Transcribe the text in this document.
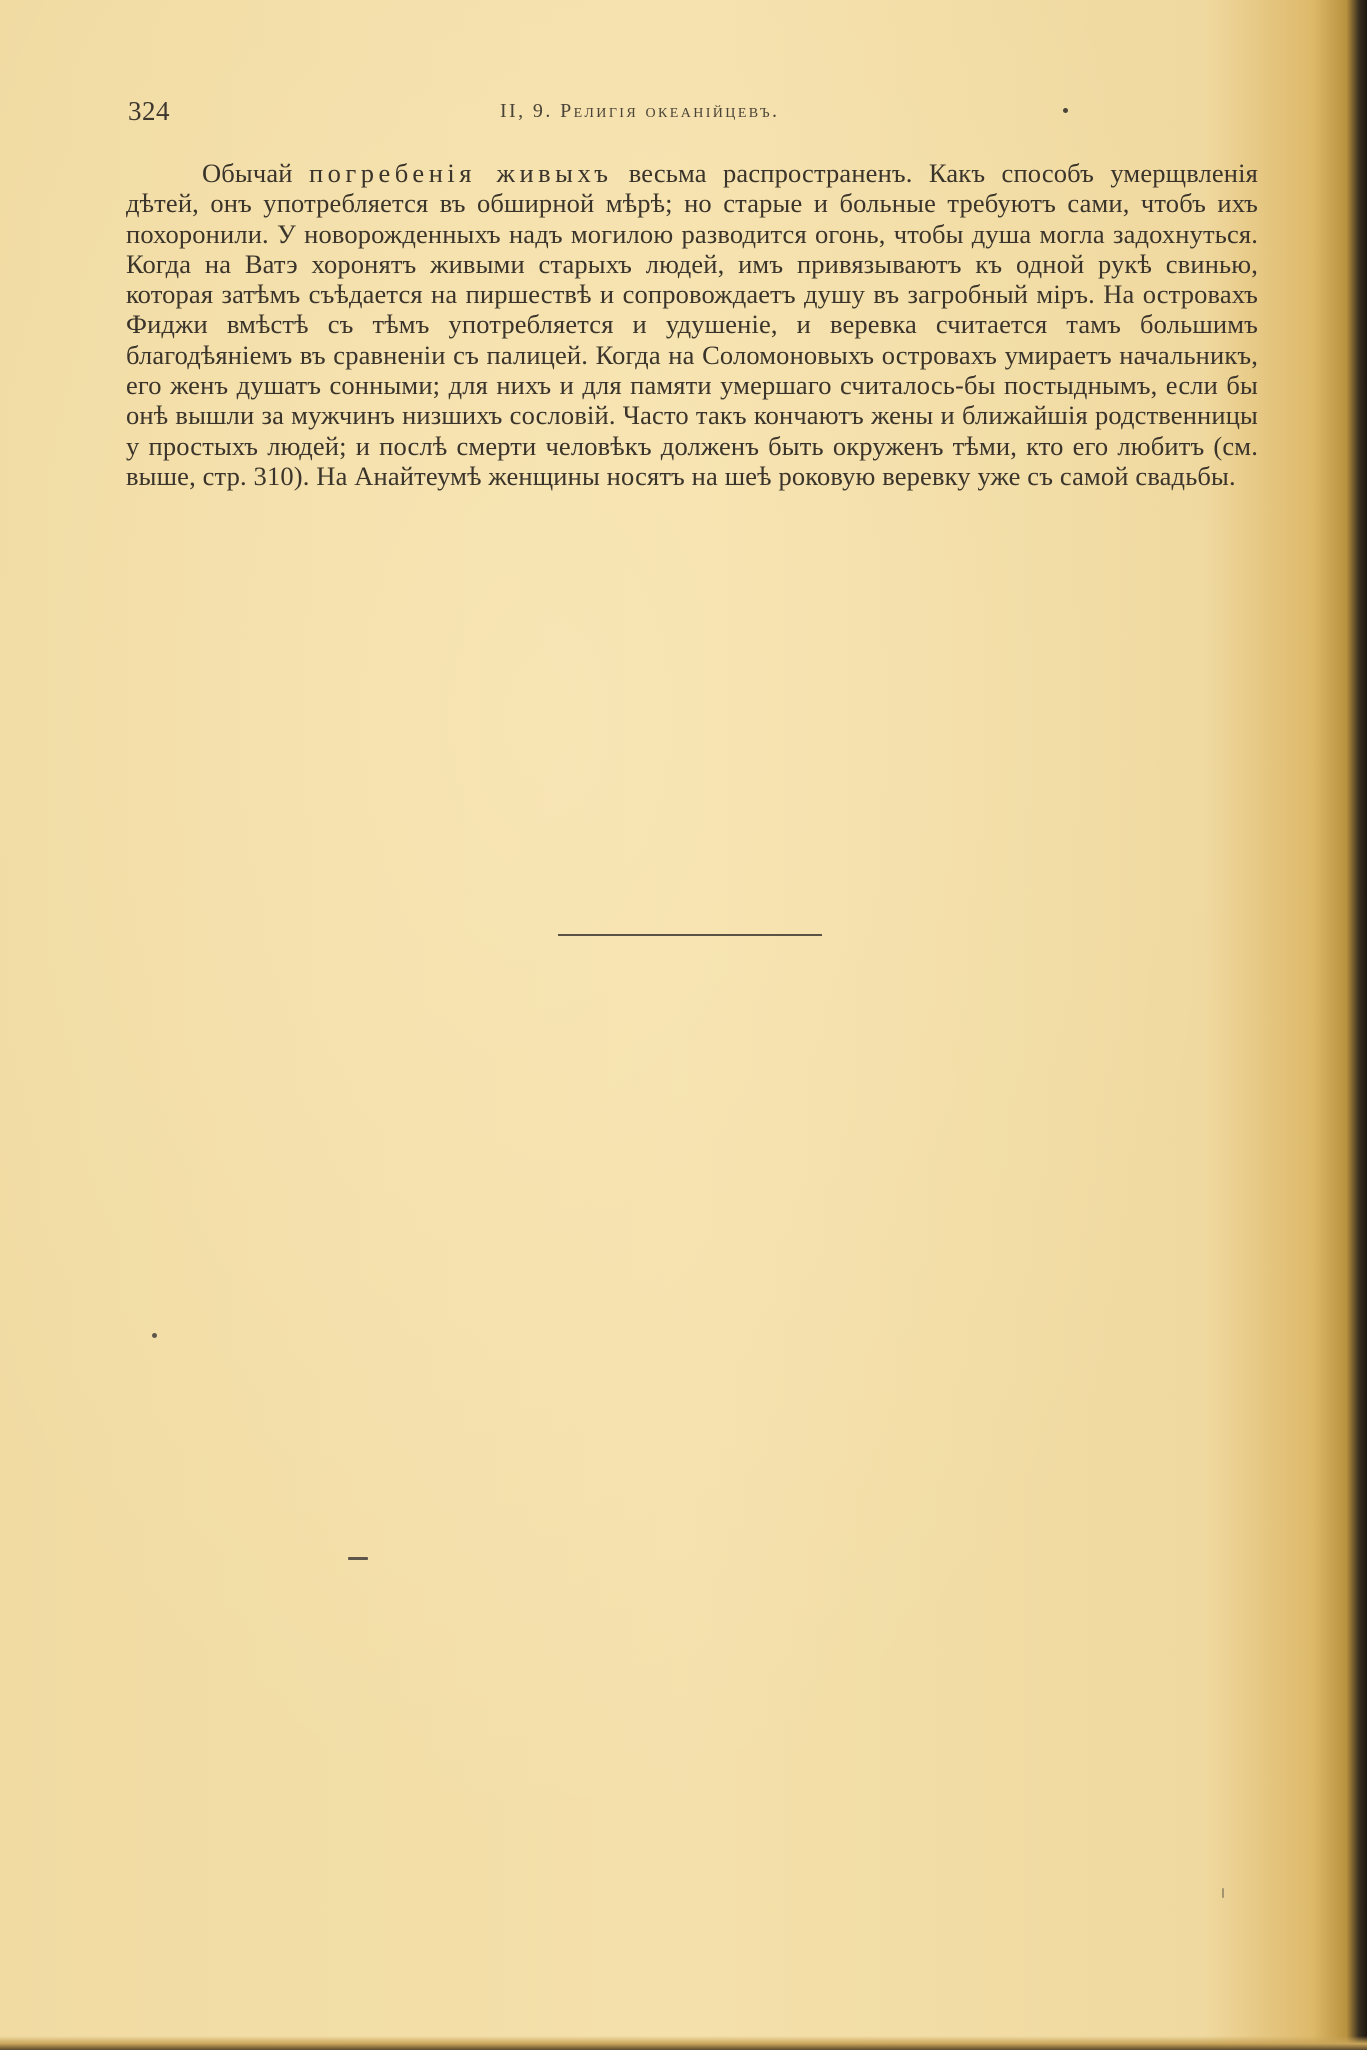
324	II, 9. Религія океанійцевъ.

Обычай погребенія живыхъ весьма распространенъ. Какъ способъ умерщвленія дѣтей, онъ употребляется въ обширной мѣрѣ; но старые и больные требуютъ сами, чтобъ ихъ похоронили. У новорожденныхъ надъ могилою разводится огонь, чтобы душа могла задохнуться. Когда на Ватэ хоронятъ живыми старыхъ людей, имъ привязываютъ къ одной рукѣ свинью, которая затѣмъ съѣдается на пиршествѣ и сопровождаетъ душу въ загробный міръ. На островахъ Фиджи вмѣстѣ съ тѣмъ употребляется и удушеніе, и веревка считается тамъ большимъ благодѣяніемъ въ сравненіи съ палицей. Когда на Соломоновыхъ островахъ умираетъ начальникъ, его женъ душатъ сонными; для нихъ и для памяти умершаго считалось-бы постыднымъ, если бы онѣ вышли за мужчинъ низшихъ сословій. Часто такъ кончаютъ жены и ближайшія родственницы у простыхъ людей; и послѣ смерти человѣкъ долженъ быть окруженъ тѣми, кто его любитъ (см. выше, стр. 310). На Анайтеумѣ женщины носятъ на шеѣ роковую веревку уже съ самой свадьбы.
